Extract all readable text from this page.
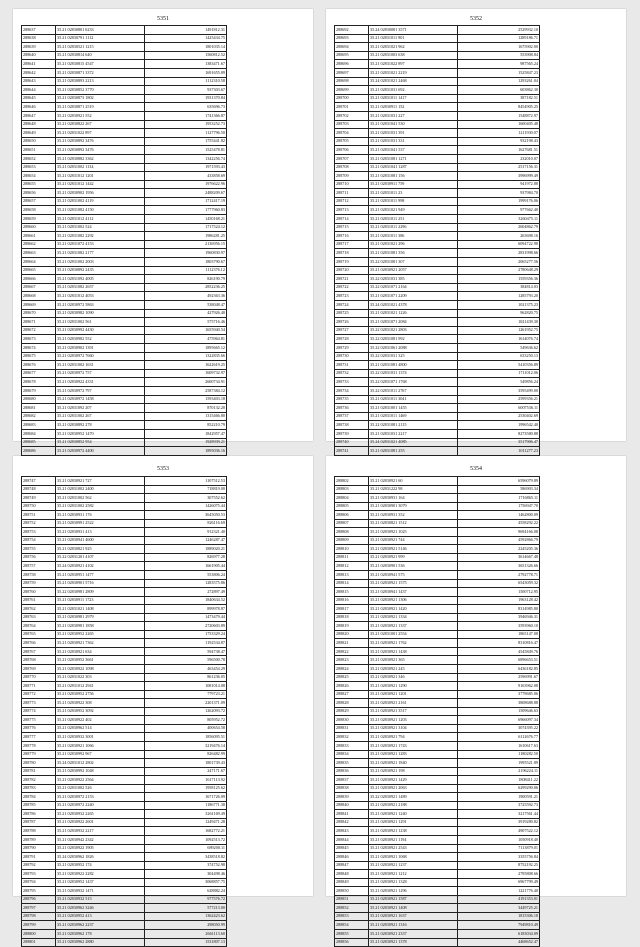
5351
288637	35.21 02830801 6233	1491812.31
288638	35.21 02830791 1112	1425434.75
288639	35.21 02830521 1215	1801035.14
288640	35.21 02830814 640	1560812.52
288641	35.21 02830815 4547	1383471.67
288642	35.21 02830871 3372	1691655.09
288643	35.21 02830893 2213	1112310.58
288644	35.21 02830852 3770	937303.67
288645	35.21 02830873 1802	1931370.84
288646	35.21 02830871 2519	635696.73
288647	35.21 02830921 552	1741366.87
288648	35.21 02830822 267	1953252.73
288649	35.21 02831022 897	1127796.50
288650	35.21 02830892 3476	1755441.82
288651	35.21 02830892 3476	1525478.81
288652	35.21 02830882 3362	1342256.74
288653	35.21 02831002 1134	1971593.43
288654	35.21 02831012 1201	433858.69
288655	35.21 02831012 1442	1976622.96
288656	35.21 02830902 1956	2488209.67
288657	35.21 02831002 4119	1712417.19
288658	35.21 02831082 4150	1777960.83
288659	35.21 02831012 4112	1450168.21
288660	35.21 02831002 524	1717524.12
288661	35.21 02831082 2292	1986281.25
288662	35.21 02831072 4153	2136956.15
288663	35.21 02831082 2177	1960830.97
288664	35.21 02831002 2003	1803790.67
288665	35.21 02830892 2435	1112376.12
288666	35.21 02831092 4005	826190.79
288667	35.21 02831082 2657	2852236.25
288668	35.21 02831012 4053	492363.36
288669	35.21 02830972 5863	538048.47
288670	35.21 02830982 1090	427926.40
288671	35.21 02831002 561	575716.46
288672	35.21 02830992 4430	1655940.54
288673	35.21 02830982 552	475964.81
288674	35.21 02830902 1391	1895665.12
288675	35.21 02830972 7660	1322835.66
288676	35.21 02831002 1631	1622619.25
288677	35.21 02830972 757	1609732.97
288678	35.21 02830922 4331	2600734.91
288679	35.21 02830972 797	2587384.12
288680	35.21 02830972 1458	1593403.18
288681	35.21 02831092 207	870132.20
288682	35.21 02831002 267	1315466.80
288683	35.21 02830892 278	852210.79
288684	35.21 02830952 1470	1842957.47
288685	35.21 02830852 954	1928939.21
288686	35.21 02830972 4400	1895036.16

5352
288692	35.24 02830081 3571	2529932.10
288693	35.21 02831011 901	1289186.71
288694	35.21 02831021 962	1675902.00
288695	35.21 02831003 638	553908.84
288696	35.21 02831022 897	987565.24
288697	35.21 02831021 2219	1525847.23
288698	35.24 02831021 2468	1293261.04
288699	35.21 02831031 692	603862.30
288700	35.21 02831011 1417	387182.51
288701	35.21 02830911 152	8454905.25
288702	35.21 02831031 227	1548872.97
288703	35.21 02831041 530	1600405.48
288704	35.21 02831031 391	1211930.07
288705	35.21 02831031 331	932198.43
288706	35.21 02831041 537	1627681.51
288707	35.21 02831081 1271	232010.07
288708	35.21 02831041 1287	2517156.31
288709	35.21 02831081 156	3996999.49
288710	35.21 02830911 759	941972.88
288711	35.21 02831011 23	937984.70
288712	35.21 02831011 998	1999176.06
288713	35.21 02831021 949	977662.40
288714	35.21 02831011 251	3260475.11
288715	35.21 02831011 2296	2604862.79
288716	35.21 02831011 386	263698.16
288717	35.21 02831021 296	6094722.98
288718	35.21 02831081 356	2831998.66
288719	35.22 02831081 307	2065277.56
288720	35.21 02830921 2057	2780648.29
288721	35.22 02831031 385	1559356.36
288722	35.22 02831071 2164	384814.03
288723	35.21 02831071 2209	1285793.20
288724	35.24 02831021 4378	1021375.23
288725	35.21 02831021 1226	962820.75
288726	35.21 02831071 2084	1021439.30
288727	35.22 02831021 2803	1261952.75
288728	35.22 02831081 992	1614076.74
288729	35.22 02831061 2088	549636.62
288730	35.22 02831031 325	633250.13
288731	35.21 02831081 4800	5410356.89
288732	35.22 02831031 1374	1711012.06
288733	35.22 02831071 1768	549856.24
288734	35.22 02831011 2767	3595499.00
288735	35.21 02831011 3041	2599356.21
288736	35.21 02831001 1455	6007536.11
288737	35.21 02831011 1469	2530402.69
288738	35.22 02831081 2115	1996542.40
288739	35.21 02831031 2217	8273580.88
288740	35.24 02831021 4085	3517906.47
288741	35.21 02831081 255	1011277.23

5353
288747	35.21 02830921 727	1107512.53
288748	35.21 02831002 2400	718819.00
288749	35.21 02831002 562	307552.62
288750	35.21 02831002 2582	1426075.44
288751	35.21 02830931 176	3645050.53
288752	35.21 02830991 2522	826116.69
288753	35.21 02830931 413	912321.40
288754	35.21 02830941 4600	1246287.47
288755	35.21 02830821 925	1889020.21
288756	35.22 02831201 4107	826977.28
288757	35.24 02830921 4102	1661905.44
288758	35.21 02830951 1477	553806.24
288759	35.21 02830901 5716	1283575.86
288760	35.22 02830981 2809	272897.49
288761	35.21 02830911 1723	1840634.52
288762	35.21 02831021 1408	899978.87
288763	35.21 02830981 2979	1473479.44
288764	35.21 02830981 1858	2720603.89
288765	35.21 02830952 2265	1753329.24
288766	35.21 02830921 7362	1192534.87
288767	35.21 02830921 634	594738.47
288768	35.21 02830952 3661	596500.78
288769	35.21 02830922 1098	463454.29
288770	35.21 02831022 303	861236.05
288771	35.21 02831012 2941	1081014.08
288772	35.21 02830952 2756	779723.21
288773	35.21 02830922 308	2201371.09
288774	35.21 02830952 3092	1262093.72
288775	35.21 02830922 402	805952.72
288776	35.21 02830962 514	400654.58
288777	35.21 02830932 3001	1856095.51
288778	35.21 02830921 1066	3219476.14
288779	35.21 02830992 967	826482.99
288780	35.24 02831012 2802	1801739.43
288781	35.21 02830992 1048	247171.67
288782	35.21 02830922 2564	1617113.92
288783	35.21 02831002 526	1958125.62
288784	35.21 02830972 2153	1671726.09
288785	35.21 02830972 2240	1186771.38
288786	35.21 02830932 2265	3261169.49
288787	35.21 02830922 2601	1249471.28
288788	35.21 02830932 2217	1682772.21
288789	35.21 02830942 2342	1092513.72
288790	35.21 02830922 1905	689200.11
288791	35.24 02830962 1826	3438518.82
288792	35.21 02830952 174	374752.98
288793	35.21 02830922 2282	304498.46
288794	35.21 02830952 1437	3068857.75
288795	35.21 02830932 1471	628882.24
288796	35.21 02830932 515	977576.72
288797	35.21 02830962 3246	577213.00
288798	35.21 02830952 413	1362423.62
288799	35.21 02830962 2237	298050.99
288800	35.21 02830962 178	2661113.60
288801	35.21 02830962 2880	1531807.13
5354
288802	35.21 02830921 60	6596079.89
288803	35.21 02831222 98	586903.34
288804	35.21 02830931 164	1716865.11
288805	35.21 02830901 3079	1756947.70
288806	35.21 02830931 352	1462800.09
288807	35.21 02830821 1512	4558292.22
288808	35.21 02830921 1025	9694166.08
288809	35.21 02830921 744	4592866.79
288810	35.21 02830921 5146	2245205.36
288811	35.21 02830921 999	3614667.48
288812	35.21 02830901 536	3651326.66
288813	35.21 02830941 575	2792778.71
288814	35.21 02830921 1575	6543059.32
288815	35.21 02830941 1437	1500712.95
288816	35.21 02830921 1306	1963128.42
288817	35.21 02830921 1420	8314985.80
288818	35.21 02830921 1334	3946946.31
288819	35.21 02830921 1337	3593960.10
288820	35.21 02831001 2554	1865147.08
288821	35.21 02830921 1762	8310816.47
288822	35.21 02830921 1438	4545849.76
288823	35.21 02830921 365	6896653.51
288824	35.21 02830921 245	6436182.85
288825	35.21 02830921 346	2596991.67
288826	35.21 02830921 1290	9163962.08
288827	35.21 02830921 1201	3778685.06
288828	35.21 02830921 2161	3808688.88
288829	35.21 02830921 3517	1509646.63
288830	35.21 02830921 1203	6966097.34
288831	35.21 02830921 3104	3074395.22
288832	35.21 02830921 794	6112676.77
288833	35.21 02830921 1743	1610617.63
288834	35.21 02830921 1283	1180282.50
288835	35.21 02830921 1840	1995521.89
288836	35.21 02830921 198	2196224.11
288837	35.21 02830921 1429	1808411.22
288838	35.21 02830921 2063	6299290.06
288839	35.22 02830921 1489	1900591.21
288840	35.21 02830921 2188	3725592.73
288841	35.21 02830921 1240	3217561.44
288842	35.21 02830921 1291	3919280.82
288843	35.21 02830921 1238	4907522.12
288844	35.21 02830921 1194	1050918.40
288845	35.21 02830921 2543	7113879.01
288846	35.21 02830921 1068	3355756.84
288847	35.21 02830921 1237	8752192.25
288848	35.21 02830921 1212	2795808.66
288849	35.21 02830921 1328	6967799.49
288850	35.21 02830921 1296	1221776.40
288851	35.21 02830921 1587	4191353.01
288852	35.21 02830921 1408	3449725.21
288853	35.21 02830921 1637	1815306.18
288854	35.21 02830921 1316	7949810.49
288855	35.21 02830921 2337	6183034.09
288856	35.21 02830921 1378	4468652.47
